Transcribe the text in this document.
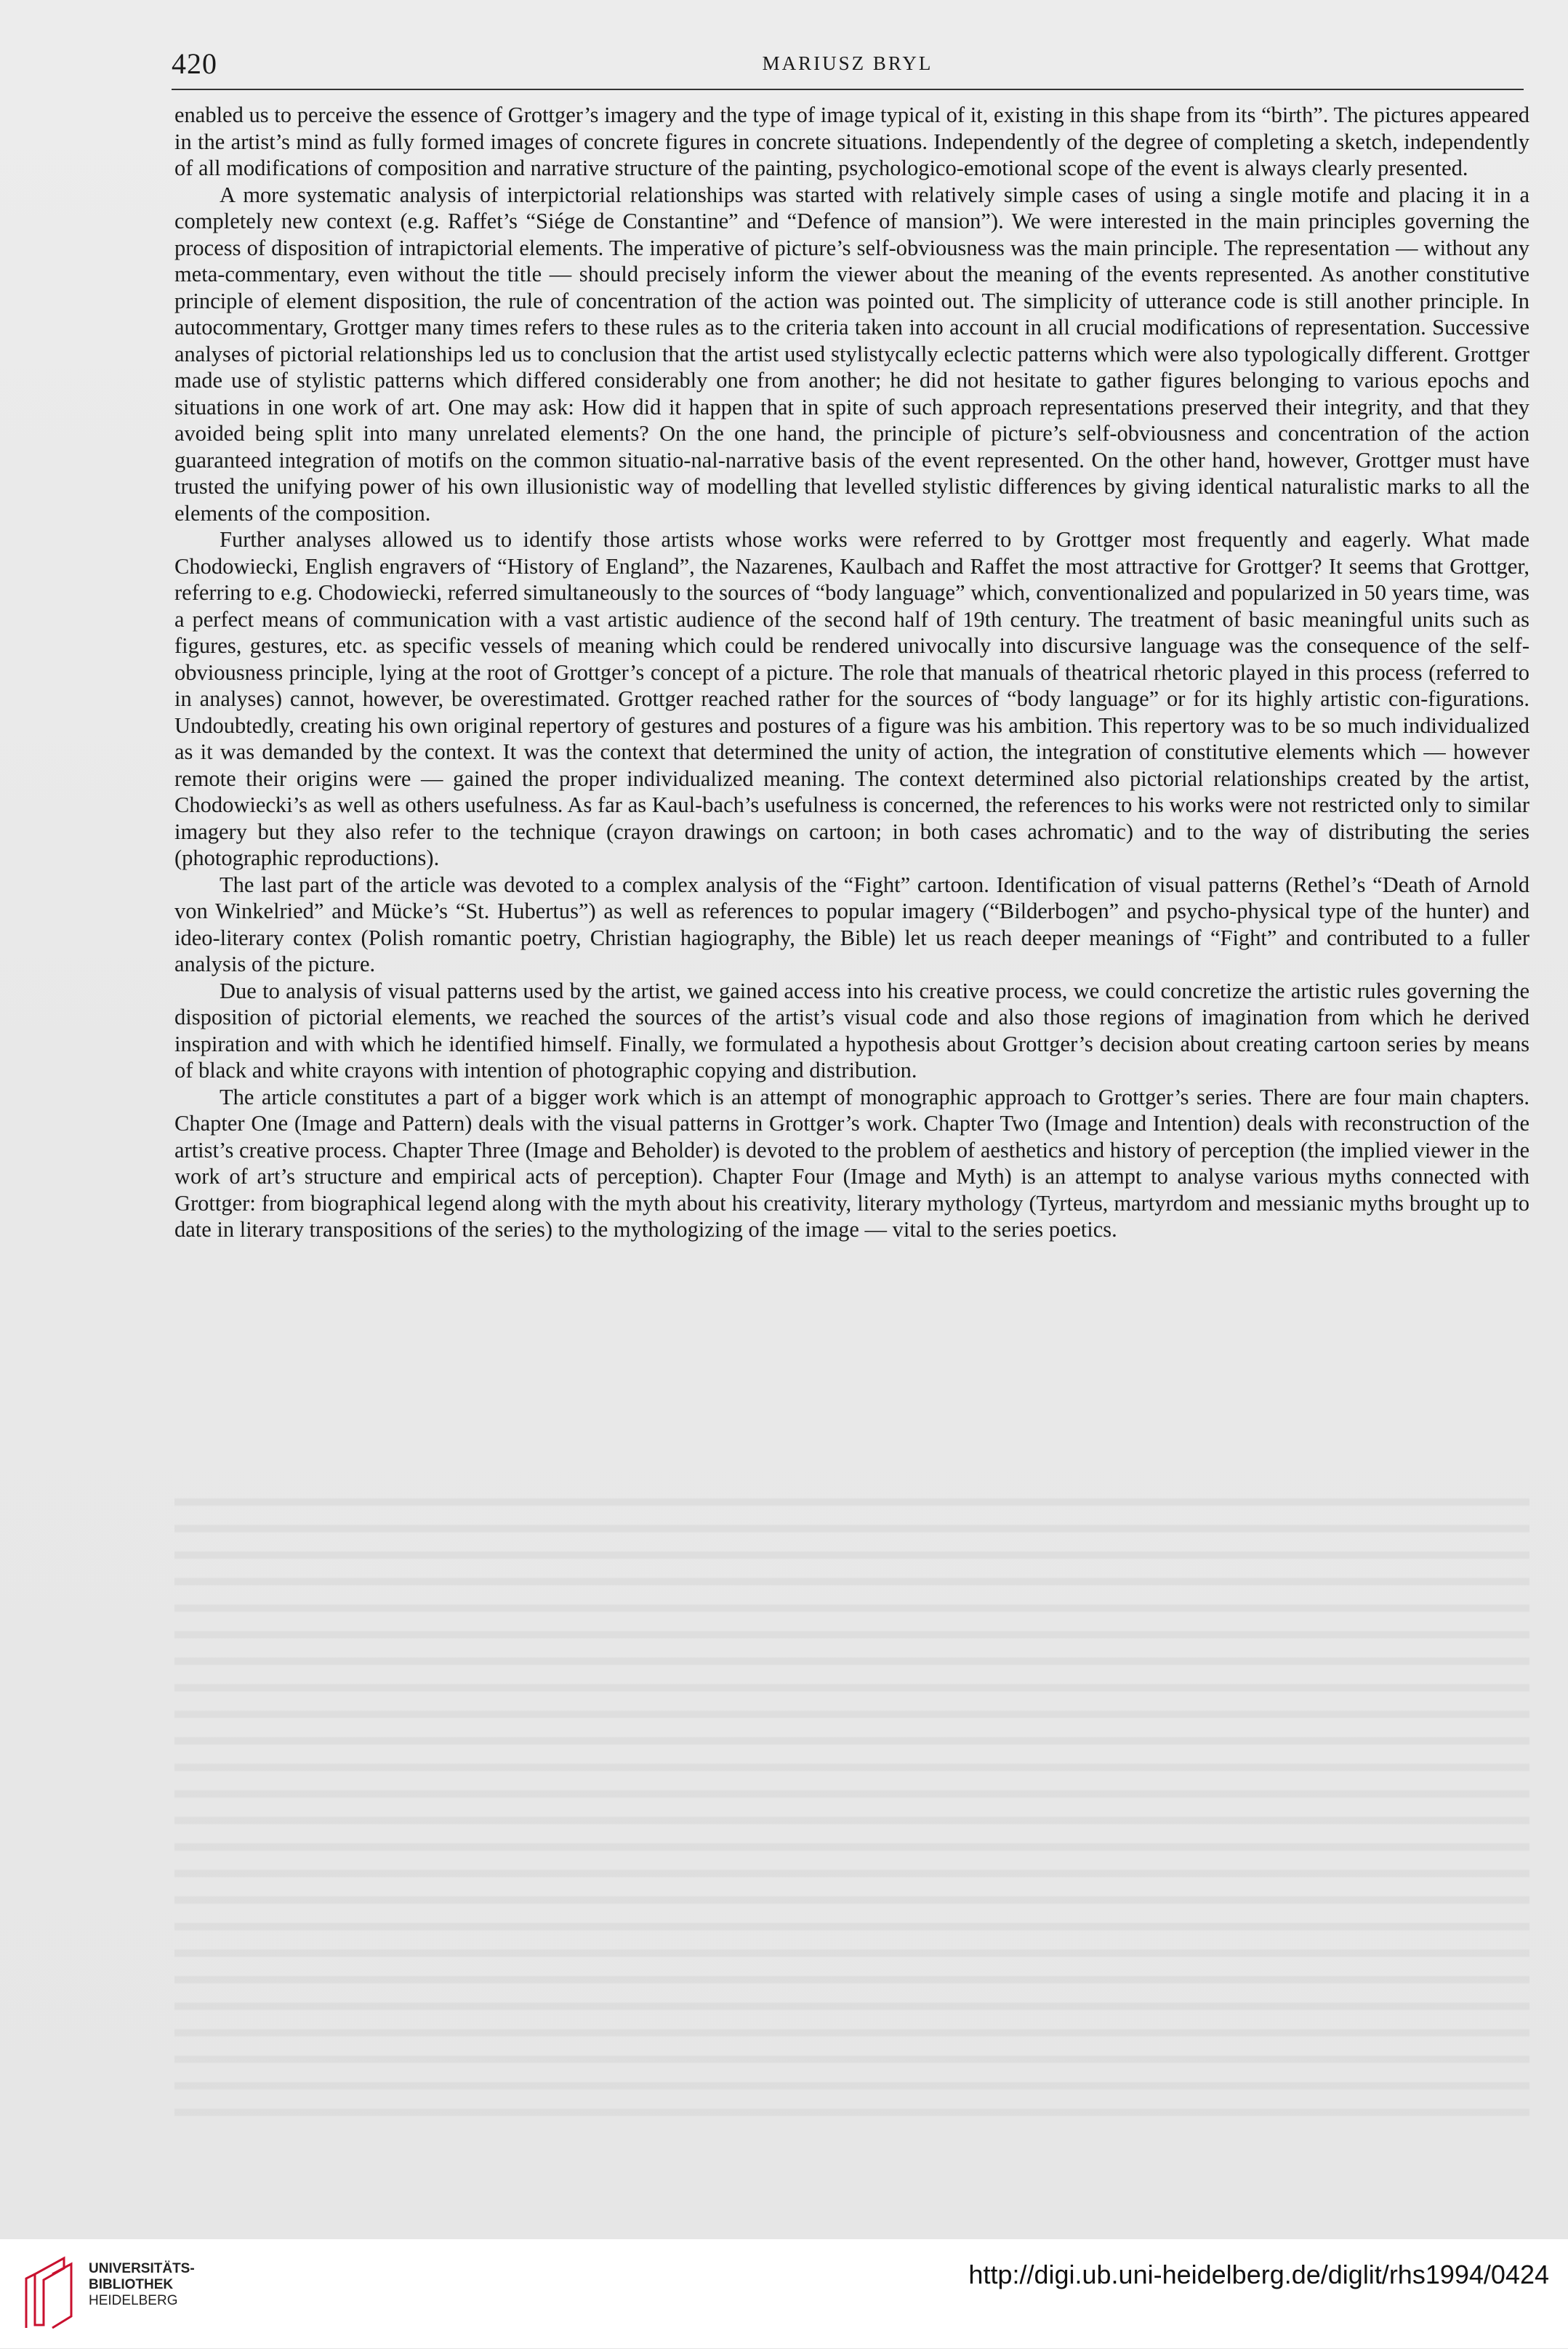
420	MARIUSZ BRYL

enabled us to perceive the essence of Grottger’s imagery and the type of image typical of it, existing in this shape from its “birth”. The pictures appeared in the artist’s mind as fully formed images of concrete figures in concrete situations. Independently of the degree of completing a sketch, independently of all modifications of composition and narrative structure of the painting, psychologico-emotional scope of the event is always clearly presented.

A more systematic analysis of interpictorial relationships was started with relatively simple cases of using a single motife and placing it in a completely new context (e.g. Raffet’s “Siége de Constantine” and “Defence of mansion”). We were interested in the main principles governing the process of disposition of intrapictorial elements. The imperative of picture’s self-obviousness was the main principle. The representation — without any meta-commentary, even without the title — should precisely inform the viewer about the meaning of the events represented. As another constitutive principle of element disposition, the rule of concentration of the action was pointed out. The simplicity of utterance code is still another principle. In autocommentary, Grottger many times refers to these rules as to the criteria taken into account in all crucial modifications of representation. Successive analyses of pictorial relationships led us to conclusion that the artist used stylistycally eclectic patterns which were also typologically different. Grottger made use of stylistic patterns which differed considerably one from another; he did not hesitate to gather figures belonging to various epochs and situations in one work of art. One may ask: How did it happen that in spite of such approach representations preserved their integrity, and that they avoided being split into many unrelated elements? On the one hand, the principle of picture’s self-obviousness and concentration of the action guaranteed integration of motifs on the common situatio-nal-narrative basis of the event represented. On the other hand, however, Grottger must have trusted the unifying power of his own illusionistic way of modelling that levelled stylistic differences by giving identical naturalistic marks to all the elements of the composition.

Further analyses allowed us to identify those artists whose works were referred to by Grottger most frequently and eagerly. What made Chodowiecki, English engravers of “History of England”, the Nazarenes, Kaulbach and Raffet the most attractive for Grottger? It seems that Grottger, referring to e.g. Chodowiecki, referred simultaneously to the sources of “body language” which, conventionalized and popularized in 50 years time, was a perfect means of communication with a vast artistic audience of the second half of 19th century. The treatment of basic meaningful units such as figures, gestures, etc. as specific vessels of meaning which could be rendered univocally into discursive language was the consequence of the self-obviousness principle, lying at the root of Grottger’s concept of a picture. The role that manuals of theatrical rhetoric played in this process (referred to in analyses) cannot, however, be overestimated. Grottger reached rather for the sources of “body language” or for its highly artistic con-figurations. Undoubtedly, creating his own original repertory of gestures and postures of a figure was his ambition. This repertory was to be so much individualized as it was demanded by the context. It was the context that determined the unity of action, the integration of constitutive elements which — however remote their origins were — gained the proper individualized meaning. The context determined also pictorial relationships created by the artist, Chodowiecki’s as well as others usefulness. As far as Kaul-bach’s usefulness is concerned, the references to his works were not restricted only to similar imagery but they also refer to the technique (crayon drawings on cartoon; in both cases achromatic) and to the way of distributing the series (photographic reproductions).

The last part of the article was devoted to a complex analysis of the “Fight” cartoon. Identification of visual patterns (Rethel’s “Death of Arnold von Winkelried” and Mücke’s “St. Hubertus”) as well as references to popular imagery (“Bilderbogen” and psycho-physical type of the hunter) and ideo-literary contex (Polish romantic poetry, Christian hagiography, the Bible) let us reach deeper meanings of “Fight” and contributed to a fuller analysis of the picture.

Due to analysis of visual patterns used by the artist, we gained access into his creative process, we could concretize the artistic rules governing the disposition of pictorial elements, we reached the sources of the artist’s visual code and also those regions of imagination from which he derived inspiration and with which he identified himself. Finally, we formulated a hypothesis about Grottger’s decision about creating cartoon series by means of black and white crayons with intention of photographic copying and distribution.

The article constitutes a part of a bigger work which is an attempt of monographic approach to Grottger’s series. There are four main chapters. Chapter One (Image and Pattern) deals with the visual patterns in Grottger’s work. Chapter Two (Image and Intention) deals with reconstruction of the artist’s creative process. Chapter Three (Image and Beholder) is devoted to the problem of aesthetics and history of perception (the implied viewer in the work of art’s structure and empirical acts of perception). Chapter Four (Image and Myth) is an attempt to analyse various myths connected with Grottger: from biographical legend along with the myth about his creativity, literary mythology (Tyrteus, martyrdom and messianic myths brought up to date in literary transpositions of the series) to the mythologizing of the image — vital to the series poetics.

UNIVERSITÄTS-
BIBLIOTHEK
HEIDELBERG
http://digi.ub.uni-heidelberg.de/diglit/rhs1994/0424
